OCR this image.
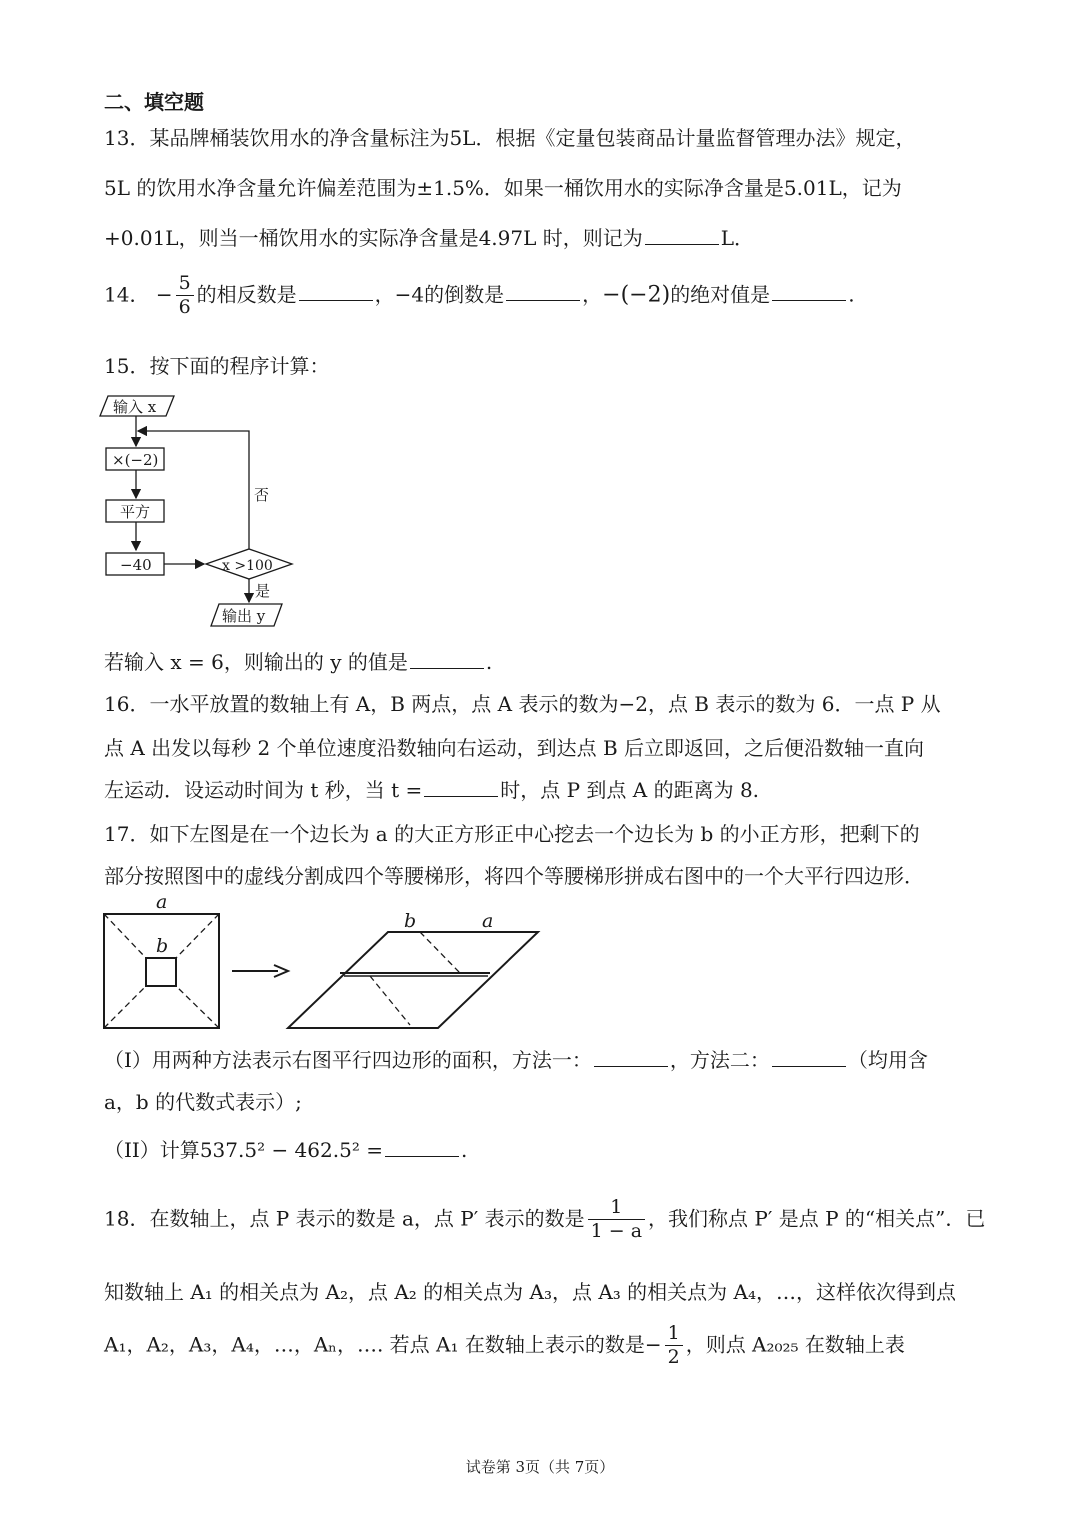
二、填空题
13．某品牌桶装饮用水的净含量标注为5L．根据《定量包装商品计量监督管理办法》规定，
5L 的饮用水净含量允许偏差范围为±1.5%．如果一桶饮用水的实际净含量是5.01L，记为
+0.01L，则当一桶饮用水的实际净含量是4.97L 时，则记为	L．
14． − $\frac{5}{6}$ 的相反数是	，−4的倒数是	，−(−2)的绝对值是	.
15．按下面的程序计算：
输入 x
×(−2)
平方
−40	x >100
否
是
输出 y
若输入 x = 6，则输出的 y 的值是	.
16．一水平放置的数轴上有 A，B 两点，点 A 表示的数为−2，点 B 表示的数为 6．一点 P 从
点 A 出发以每秒 2 个单位速度沿数轴向右运动，到达点 B 后立即返回，之后便沿数轴一直向
左运动．设运动时间为 t 秒，当 t =	时，点 P 到点 A 的距离为 8.
17．如下左图是在一个边长为 a 的大正方形正中心挖去一个边长为 b 的小正方形，把剩下的
部分按照图中的虚线分割成四个等腰梯形，将四个等腰梯形拼成右图中的一个大平行四边形．
a
b
b	a
（I）用两种方法表示右图平行四边形的面积，方法一：	，方法二：	（均用含
a，b 的代数式表示）;
（II）计算537.5² − 462.5² =	.
18．在数轴上，点 P 表示的数是 a，点 P′ 表示的数是 $\frac{1}{1 - a}$ ，我们称点 P′ 是点 P 的“相关点”．已
知数轴上 A₁ 的相关点为 A₂，点 A₂ 的相关点为 A₃，点 A₃ 的相关点为 A₄，…，这样依次得到点
A₁，A₂，A₃，A₄，…，Aₙ，…. 若点 A₁ 在数轴上表示的数是− $\frac{1}{2}$ ，则点 A₂₀₂₅ 在数轴上表
试卷第 3页（共 7页）
